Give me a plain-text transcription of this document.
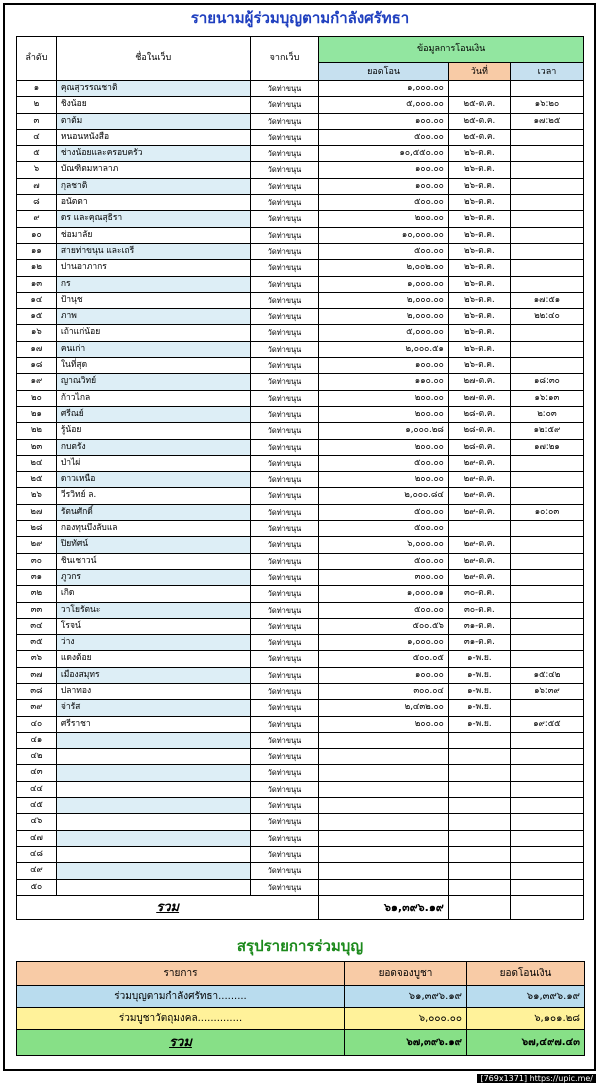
รายนามผู้ร่วมบุญตามกำลังศรัทธา
ลำดับ	ชื่อในเว็บ	จากเว็บ	ข้อมูลการโอนเงิน		
			ยอดโอน	วันที่	เวลา
๑	คุณสุวรรณชาติ	วัดท่าขนุน	๑,๐๐๐.๐๐		
๒	ชิงน้อย	วัดท่าขนุน	๕,๐๐๐.๐๐	๒๕-ต.ค.	๑๖:๒๐
๓	ตาต้ม	วัดท่าขนุน	๑๐๐.๐๐	๒๕-ต.ค.	๑๗:๒๕
๔	หนอนหนังสือ	วัดท่าขนุน	๕๐๐.๐๐	๒๕-ต.ค.	
๕	ช่างน้อยและครอบครัว	วัดท่าขนุน	๑๐,๕๕๐.๐๐	๒๖-ต.ค.	
๖	บัณฑิตมหาลาภ	วัดท่าขนุน	๑๐๐.๐๐	๒๖-ต.ค.	
๗	กุลชาติ	วัดท่าขนุน	๑๐๐.๐๐	๒๖-ต.ค.	
๘	อนัตตา	วัดท่าขนุน	๕๐๐.๐๐	๒๖-ต.ค.	
๙	ดร และคุณสุธิรา	วัดท่าขนุน	๒๐๐.๐๐	๒๖-ต.ค.	
๑๐	ช่อมาลัย	วัดท่าขนุน	๑๐,๐๐๐.๐๐	๒๖-ต.ค.	
๑๑	สายท่าขนุน และเถรี	วัดท่าขนุน	๕๐๐.๐๐	๒๖-ต.ค.	
๑๒	ปานอาภากร	วัดท่าขนุน	๒,๐๐๒.๐๐	๒๖-ต.ค.	
๑๓	กร	วัดท่าขนุน	๑,๐๐๐.๐๐	๒๖-ต.ค.	
๑๔	ป้านุช	วัดท่าขนุน	๒,๐๐๐.๐๐	๒๖-ต.ค.	๑๗:๕๑
๑๕	ภาพ	วัดท่าขนุน	๒,๐๐๐.๐๐	๒๖-ต.ค.	๒๒:๔๐
๑๖	เถ้าแก่น้อย	วัดท่าขนุน	๕,๐๐๐.๐๐	๒๖-ต.ค.	
๑๗	คนเก่า	วัดท่าขนุน	๒,๐๐๐.๕๑	๒๖-ต.ค.	
๑๘	ในที่สุด	วัดท่าขนุน	๑๐๐.๐๐	๒๖-ต.ค.	
๑๙	ญาณวิทย์	วัดท่าขนุน	๑๑๐.๐๐	๒๗-ต.ค.	๑๘:๓๐
๒๐	ก้าวไกล	วัดท่าขนุน	๒๐๐.๐๐	๒๗-ต.ค.	๑๖:๑๓
๒๑	ศรีณย์	วัดท่าขนุน	๒๐๐.๐๐	๒๘-ต.ค.	๒:๐๓
๒๒	รู้น้อย	วัดท่าขนุน	๑,๐๐๐.๒๘	๒๘-ต.ค.	๑๒:๕๙
๒๓	กบตรัง	วัดท่าขนุน	๒๐๐.๐๐	๒๘-ต.ค.	๑๗:๒๑
๒๔	ป่าไผ่	วัดท่าขนุน	๕๐๐.๐๐	๒๙-ต.ค.	
๒๕	ดาวเหนือ	วัดท่าขนุน	๒๐๐.๐๐	๒๙-ต.ค.	
๒๖	วีรวิทย์ ล.	วัดท่าขนุน	๒,๐๐๐.๘๔	๒๙-ต.ค.	
๒๗	รัตนศักดิ์	วัดท่าขนุน	๕๐๐.๐๐	๒๙-ต.ค.	๑๐:๐๓
๒๘	กองทุนบึงลับแล	วัดท่าขนุน	๕๐๐.๐๐		
๒๙	ปิยทัศน์	วัดท่าขนุน	๖,๐๐๐.๐๐	๒๙-ต.ค.	
๓๐	ชินเชาวน์	วัดท่าขนุน	๕๐๐.๐๐	๒๙-ต.ค.	
๓๑	ภูวกร	วัดท่าขนุน	๓๐๐.๐๐	๒๙-ต.ค.	
๓๒	เกิด	วัดท่าขนุน	๑,๐๐๐.๐๑	๓๐-ต.ค.	
๓๓	วาโยรัตนะ	วัดท่าขนุน	๕๐๐.๐๐	๓๐-ต.ค.	
๓๔	โรจน์	วัดท่าขนุน	๕๐๐.๕๖	๓๑-ต.ค.	
๓๕	ว่าง	วัดท่าขนุน	๑,๐๐๐.๐๐	๓๑-ต.ค.	
๓๖	แดงต้อย	วัดท่าขนุน	๕๐๐.๐๕	๑-พ.ย.	
๓๗	เมืองสมุทร	วัดท่าขนุน	๑๐๐.๐๐	๑-พ.ย.	๑๕:๔๒
๓๘	ปลาทอง	วัดท่าขนุน	๓๐๐.๐๔	๑-พ.ย.	๑๖:๓๙
๓๙	จ่ารัส	วัดท่าขนุน	๒,๔๓๒.๐๐	๑-พ.ย.	
๔๐	ศรีราชา	วัดท่าขนุน	๒๐๐.๐๐	๑-พ.ย.	๑๙:๕๕
๔๑		วัดท่าขนุน			
๔๒		วัดท่าขนุน			
๔๓		วัดท่าขนุน			
๔๔		วัดท่าขนุน			
๔๕		วัดท่าขนุน			
๔๖		วัดท่าขนุน			
๔๗		วัดท่าขนุน			
๔๘		วัดท่าขนุน			
๔๙		วัดท่าขนุน			
๕๐		วัดท่าขนุน			
รวม			๖๑,๓๙๖.๑๙		
สรุปรายการร่วมบุญ
รายการ	ยอดจองบูชา	ยอดโอนเงิน
ร่วมบุญตามกำลังศรัทธา.........	๖๑,๓๙๖.๑๙	๖๑,๓๙๖.๑๙
ร่วมบูชาวัตถุมงคล..............	๖,๐๐๐.๐๐	๖,๑๐๑.๒๘
รวม	๖๗,๓๙๖.๑๙	๖๗,๔๙๗.๔๓
[769x1371] https://upic.me/
